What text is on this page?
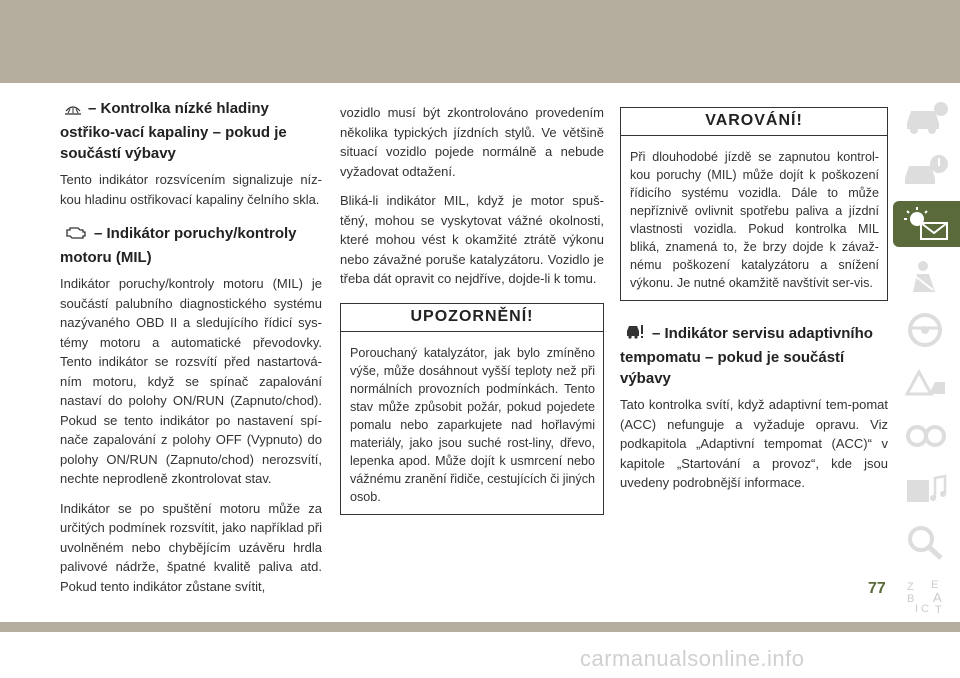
– Kontrolka nízké hladiny ostřiko-vací kapaliny – pokud je součástí výbavy
Tento indikátor rozsvícením signalizuje níz-kou hladinu ostřikovací kapaliny čelního skla.
– Indikátor poruchy/kontroly motoru (MIL)
Indikátor poruchy/kontroly motoru (MIL) je součástí palubního diagnostického systému nazývaného OBD II a sledujícího řídicí sys-témy motoru a automatické převodovky. Tento indikátor se rozsvítí před nastartová-ním motoru, když se spínač zapalování nastaví do polohy ON/RUN (Zapnuto/chod). Pokud se tento indikátor po nastavení spí-nače zapalování z polohy OFF (Vypnuto) do polohy ON/RUN (Zapnuto/chod) nerozsvítí, nechte neprodleně zkontrolovat stav.
Indikátor se po spuštění motoru může za určitých podmínek rozsvítit, jako například při uvolněném nebo chybějícím uzávěru hrdla palivové nádrže, špatné kvalitě paliva atd. Pokud tento indikátor zůstane svítit,
vozidlo musí být zkontrolováno provedením několika typických jízdních stylů. Ve většině situací vozidlo pojede normálně a nebude vyžadovat odtažení.
Bliká-li indikátor MIL, když je motor spuš-těný, mohou se vyskytovat vážné okolnosti, které mohou vést k okamžité ztrátě výkonu nebo závažné poruše katalyzátoru. Vozidlo je třeba dát opravit co nejdříve, dojde-li k tomu.
UPOZORNĚNÍ!
Porouchaný katalyzátor, jak bylo zmíněno výše, může dosáhnout vyšší teploty než při normálních provozních podmínkách. Tento stav může způsobit požár, pokud pojedete pomalu nebo zaparkujete nad hořlavými materiály, jako jsou suché rost-liny, dřevo, lepenka apod. Může dojít k usmrcení nebo vážnému zranění řidiče, cestujících či jiných osob.
VAROVÁNÍ!
Při dlouhodobé jízdě se zapnutou kontrol-kou poruchy (MIL) může dojít k poškození řídicího systému vozidla. Dále to může nepříznivě ovlivnit spotřebu paliva a jízdní vlastnosti vozidla. Pokud kontrolka MIL bliká, znamená to, že brzy dojde k závaž-nému poškození katalyzátoru a snížení výkonu. Je nutné okamžitě navštívit ser-vis.
– Indikátor servisu adaptivního tempomatu – pokud je součástí výbavy
Tato kontrolka svítí, když adaptivní tem-pomat (ACC) nefunguje a vyžaduje opravu. Viz podkapitola „Adaptivní tempomat (ACC)“ v kapitole „Startování a provoz“, kde jsou uvedeny podrobnější informace.
Z E
B A
I C T
77
carmanualsonline.info
